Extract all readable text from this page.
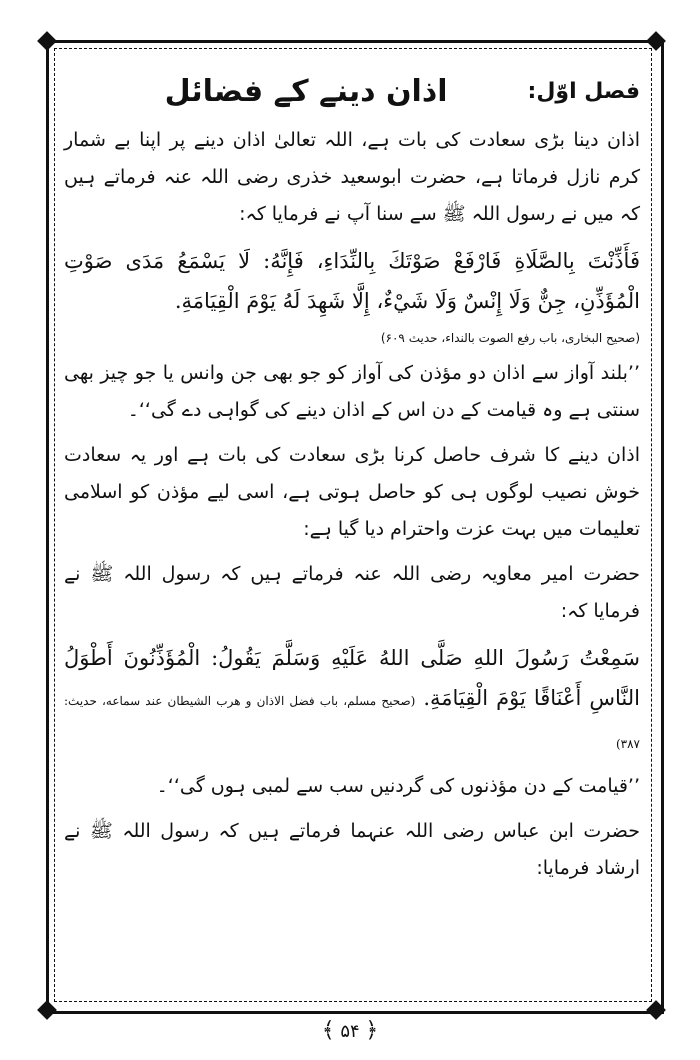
فصل اوّل:
اذان دینے کے فضائل

اذان دینا بڑی سعادت کی بات ہے، اللہ تعالیٰ اذان دینے پر اپنا بے شمار کرم نازل فرماتا ہے، حضرت ابوسعید خذری رضی اللہ عنہ فرماتے ہیں کہ میں نے رسول اللہ ﷺ سے سنا آپ نے فرمایا کہ:

فَأَذِّنْتَ بِالصَّلَاةِ فَارْفَعْ صَوْتَكَ بِالنِّدَاءِ، فَإِنَّهُ: لَا يَسْمَعُ مَدَى صَوْتِ الْمُؤَذِّنِ، جِنٌّ وَلَا إِنْسٌ وَلَا شَيْءٌ، إِلَّا شَهِدَ لَهُ يَوْمَ الْقِيَامَةِ.

(صحیح البخاری، باب رفع الصوت بالنداء، حدیث ۶۰۹)

’’بلند آواز سے اذان دو مؤذن کی آواز کو جو بھی جن وانس یا جو چیز بھی سنتی ہے وہ قیامت کے دن اس کے اذان دینے کی گواہی دے گی‘‘۔

اذان دینے کا شرف حاصل کرنا بڑی سعادت کی بات ہے اور یہ سعادت خوش نصیب لوگوں ہی کو حاصل ہوتی ہے، اسی لیے مؤذن کو اسلامی تعلیمات میں بہت عزت واحترام دیا گیا ہے:

حضرت امیر معاویہ رضی اللہ عنہ فرماتے ہیں کہ رسول اللہ ﷺ نے فرمایا کہ:

سَمِعْتُ رَسُولَ اللهِ صَلَّى اللهُ عَلَيْهِ وَسَلَّمَ يَقُولُ: الْمُؤَذِّنُونَ أَطْوَلُ النَّاسِ أَعْنَاقًا يَوْمَ الْقِيَامَةِ. (صحیح مسلم، باب فضل الاذان و ھرب الشیطان عند سماعه، حدیث: ۳۸۷)

’’قیامت کے دن مؤذنوں کی گردنیں سب سے لمبی ہوں گی‘‘۔

حضرت ابن عباس رضی اللہ عنہما فرماتے ہیں کہ رسول اللہ ﷺ نے ارشاد فرمایا:

﴿ ۵۴ ﴾
